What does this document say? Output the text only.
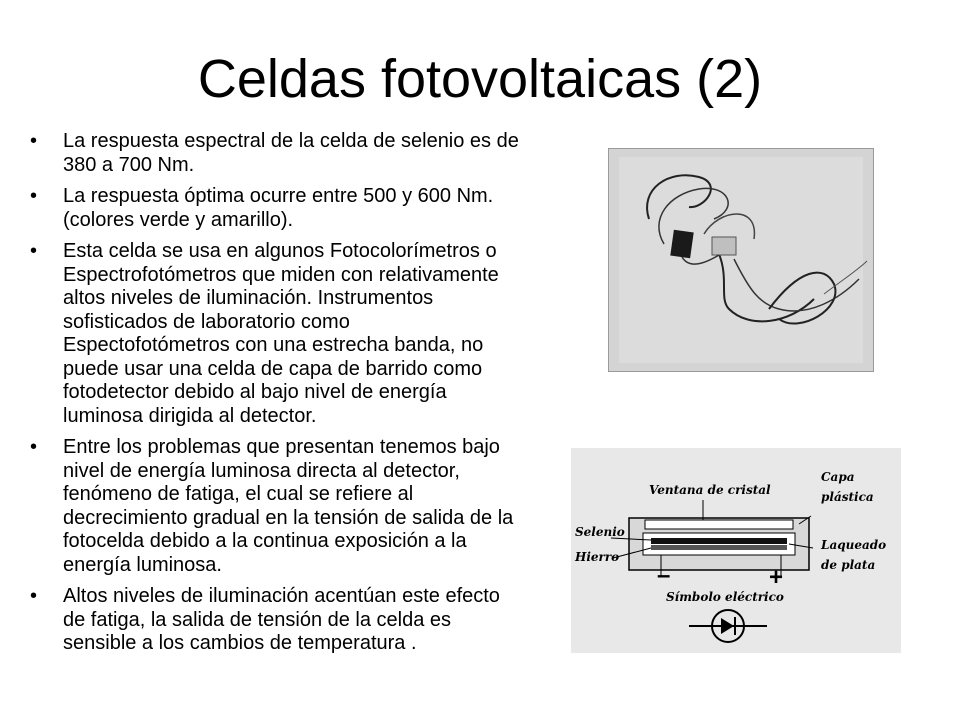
Celdas fotovoltaicas (2)
• La respuesta espectral de la celda de selenio es de 380 a 700 Nm.
• La respuesta óptima ocurre entre 500 y 600 Nm. (colores verde y amarillo).
• Esta celda se usa en algunos Fotocolorímetros o Espectrofotómetros que miden con relativamente altos niveles de iluminación. Instrumentos sofisticados de laboratorio como Espectofotómetros con una estrecha banda, no puede usar una celda de capa de barrido como fotodetector debido al bajo nivel de energía luminosa dirigida al detector.
• Entre los problemas que presentan tenemos bajo nivel de energía luminosa directa al detector, fenómeno de fatiga, el cual se refiere al decrecimiento gradual en la tensión de salida de la fotocelda debido a la continua exposición a la energía luminosa.
• Altos niveles de iluminación acentúan este efecto de fatiga, la salida de tensión de la celda es sensible a los cambios de temperatura .
Ventana de cristal
Capa
plástica
Selenio
Hierro
Laqueado
de plata
–	+
Símbolo eléctrico
